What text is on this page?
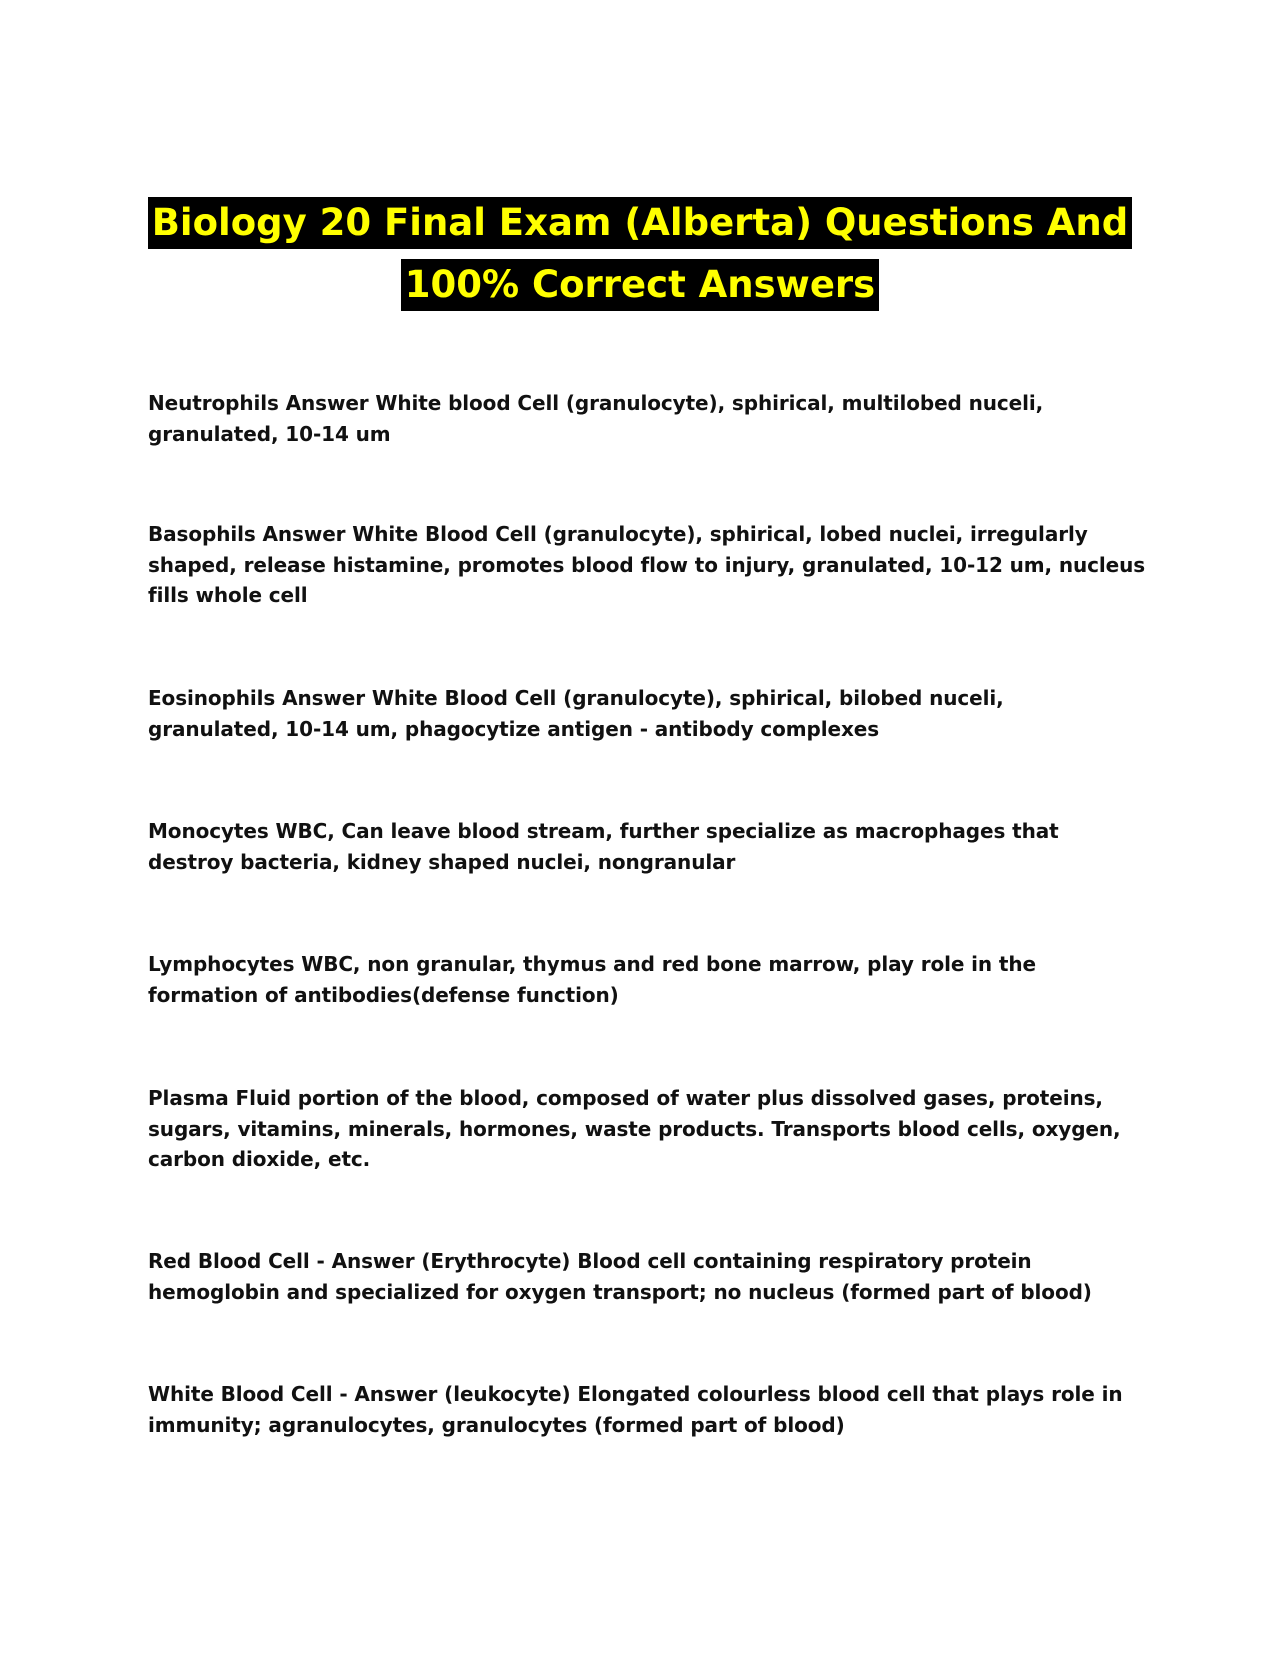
Biology 20 Final Exam (Alberta) Questions And
100% Correct Answers
Neutrophils Answer White blood Cell (granulocyte), sphirical, multilobed nuceli,
granulated, 10-14 um
Basophils Answer White Blood Cell (granulocyte), sphirical, lobed nuclei, irregularly
shaped, release histamine, promotes blood flow to injury, granulated, 10-12 um, nucleus
fills whole cell
Eosinophils Answer White Blood Cell (granulocyte), sphirical, bilobed nuceli,
granulated, 10-14 um, phagocytize antigen - antibody complexes
Monocytes WBC, Can leave blood stream, further specialize as macrophages that
destroy bacteria, kidney shaped nuclei, nongranular
Lymphocytes WBC, non granular, thymus and red bone marrow, play role in the
formation of antibodies(defense function)
Plasma Fluid portion of the blood, composed of water plus dissolved gases, proteins,
sugars, vitamins, minerals, hormones, waste products. Transports blood cells, oxygen,
carbon dioxide, etc.
Red Blood Cell - Answer (Erythrocyte) Blood cell containing respiratory protein
hemoglobin and specialized for oxygen transport; no nucleus (formed part of blood)
White Blood Cell - Answer (leukocyte) Elongated colourless blood cell that plays role in
immunity; agranulocytes, granulocytes (formed part of blood)
